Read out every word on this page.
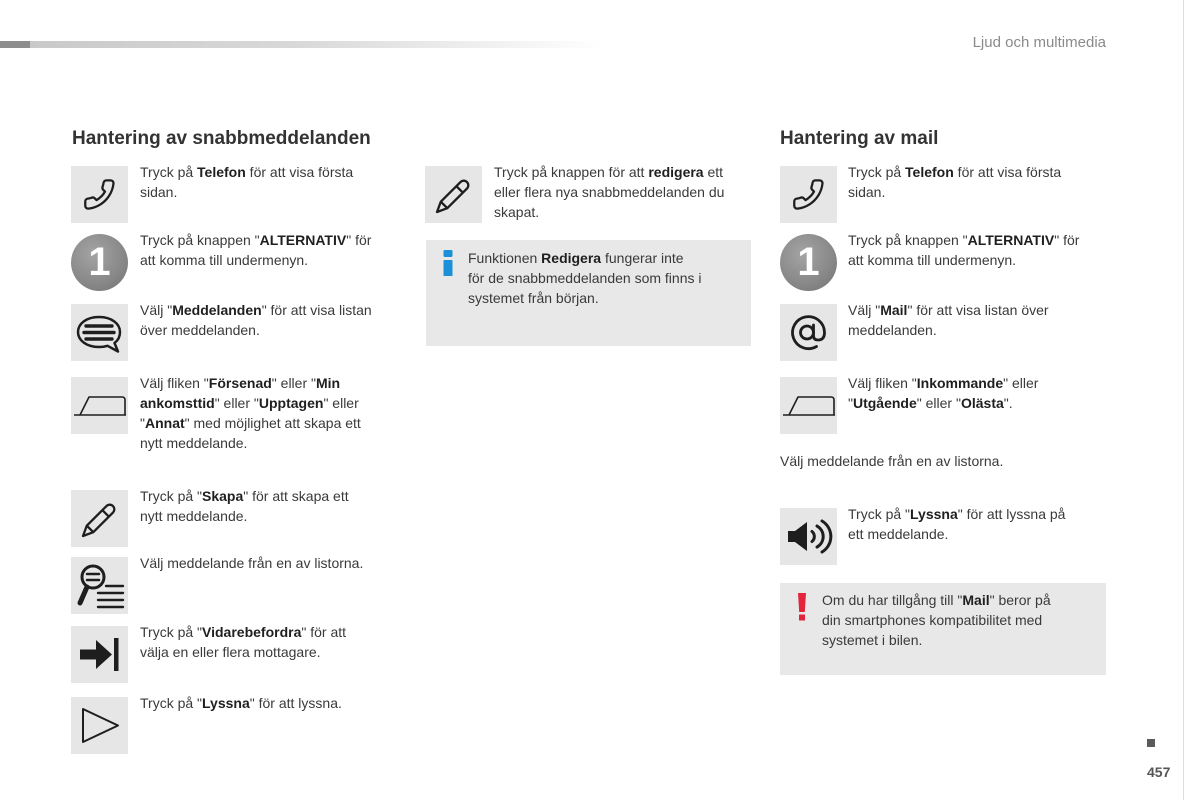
Ljud och multimedia
Hantering av snabbmeddelanden
Tryck på Telefon för att visa första
sidan.
1	Tryck på knappen "ALTERNATIV" för
att komma till undermenyn.
Välj "Meddelanden" för att visa listan
över meddelanden.
Välj fliken "Försenad" eller "Min
ankomsttid" eller "Upptagen" eller
"Annat" med möjlighet att skapa ett
nytt meddelande.
Tryck på "Skapa" för att skapa ett
nytt meddelande.
Välj meddelande från en av listorna.
Tryck på "Vidarebefordra" för att
välja en eller flera mottagare.
Tryck på "Lyssna" för att lyssna.
Tryck på knappen för att redigera ett
eller flera nya snabbmeddelanden du
skapat.
Funktionen Redigera fungerar inte
för de snabbmeddelanden som finns i
systemet från början.
Hantering av mail
Tryck på Telefon för att visa första
sidan.
1	Tryck på knappen "ALTERNATIV" för
att komma till undermenyn.
Välj "Mail" för att visa listan över
meddelanden.
Välj fliken "Inkommande" eller
"Utgående" eller "Olästa".
Välj meddelande från en av listorna.
Tryck på "Lyssna" för att lyssna på
ett meddelande.
Om du har tillgång till "Mail" beror på
din smartphones kompatibilitet med
systemet i bilen.
457
